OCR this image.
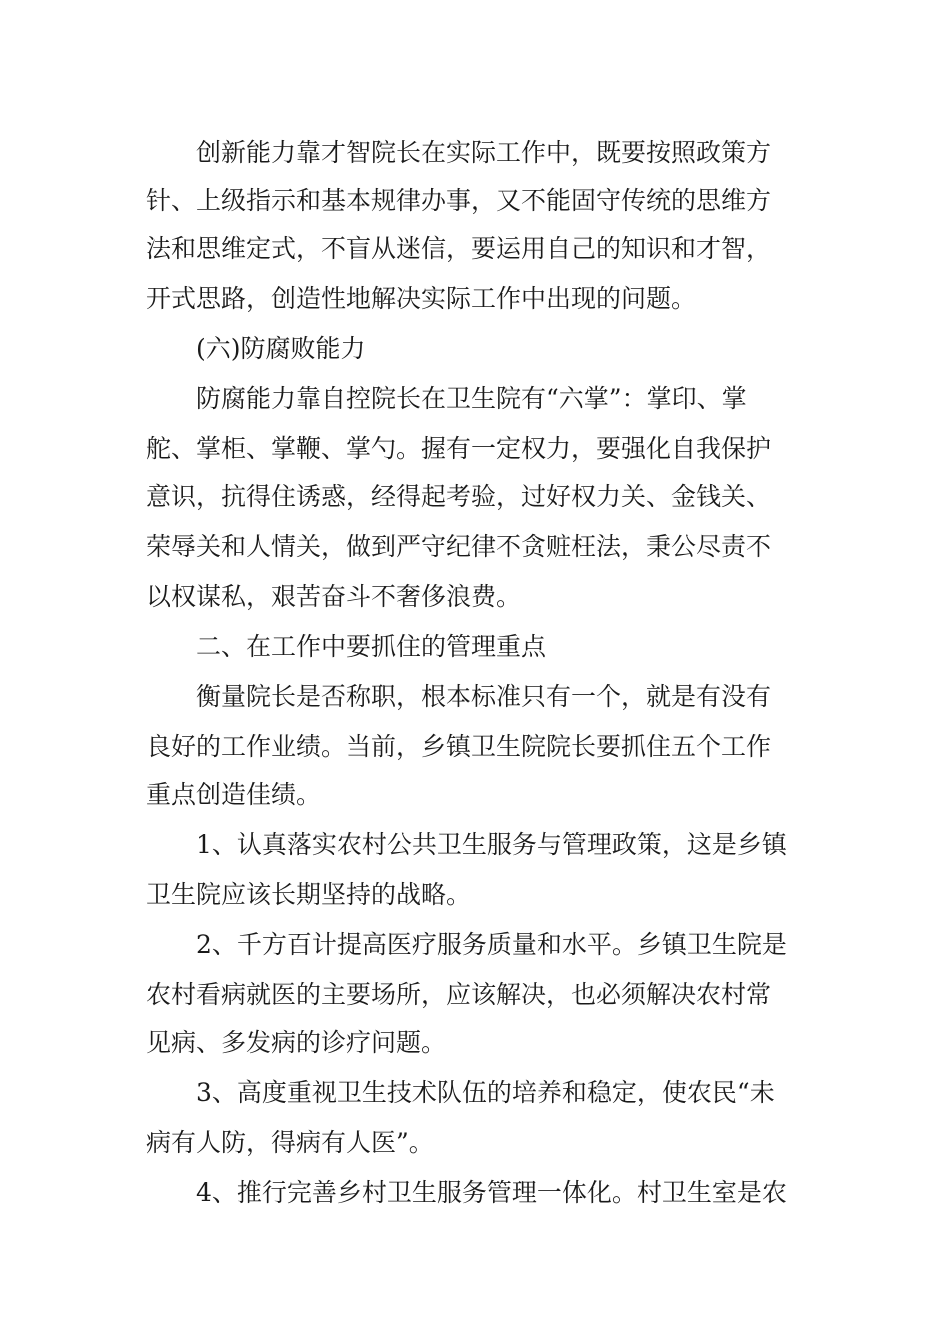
创新能力靠才智院长在实际工作中，既要按照政策方
针、上级指示和基本规律办事，又不能固守传统的思维方
法和思维定式，不盲从迷信，要运用自己的知识和才智，
开式思路，创造性地解决实际工作中出现的问题。
(六)防腐败能力
防腐能力靠自控院长在卫生院有“六掌”：掌印、掌
舵、掌柜、掌鞭、掌勺。握有一定权力，要强化自我保护
意识，抗得住诱惑，经得起考验，过好权力关、金钱关、
荣辱关和人情关，做到严守纪律不贪赃枉法，秉公尽责不
以权谋私，艰苦奋斗不奢侈浪费。
二、在工作中要抓住的管理重点
衡量院长是否称职，根本标准只有一个，就是有没有
良好的工作业绩。当前，乡镇卫生院院长要抓住五个工作
重点创造佳绩。
1、认真落实农村公共卫生服务与管理政策，这是乡镇
卫生院应该长期坚持的战略。
2、千方百计提高医疗服务质量和水平。乡镇卫生院是
农村看病就医的主要场所，应该解决，也必须解决农村常
见病、多发病的诊疗问题。
3、高度重视卫生技术队伍的培养和稳定，使农民“未
病有人防，得病有人医”。
4、推行完善乡村卫生服务管理一体化。村卫生室是农
